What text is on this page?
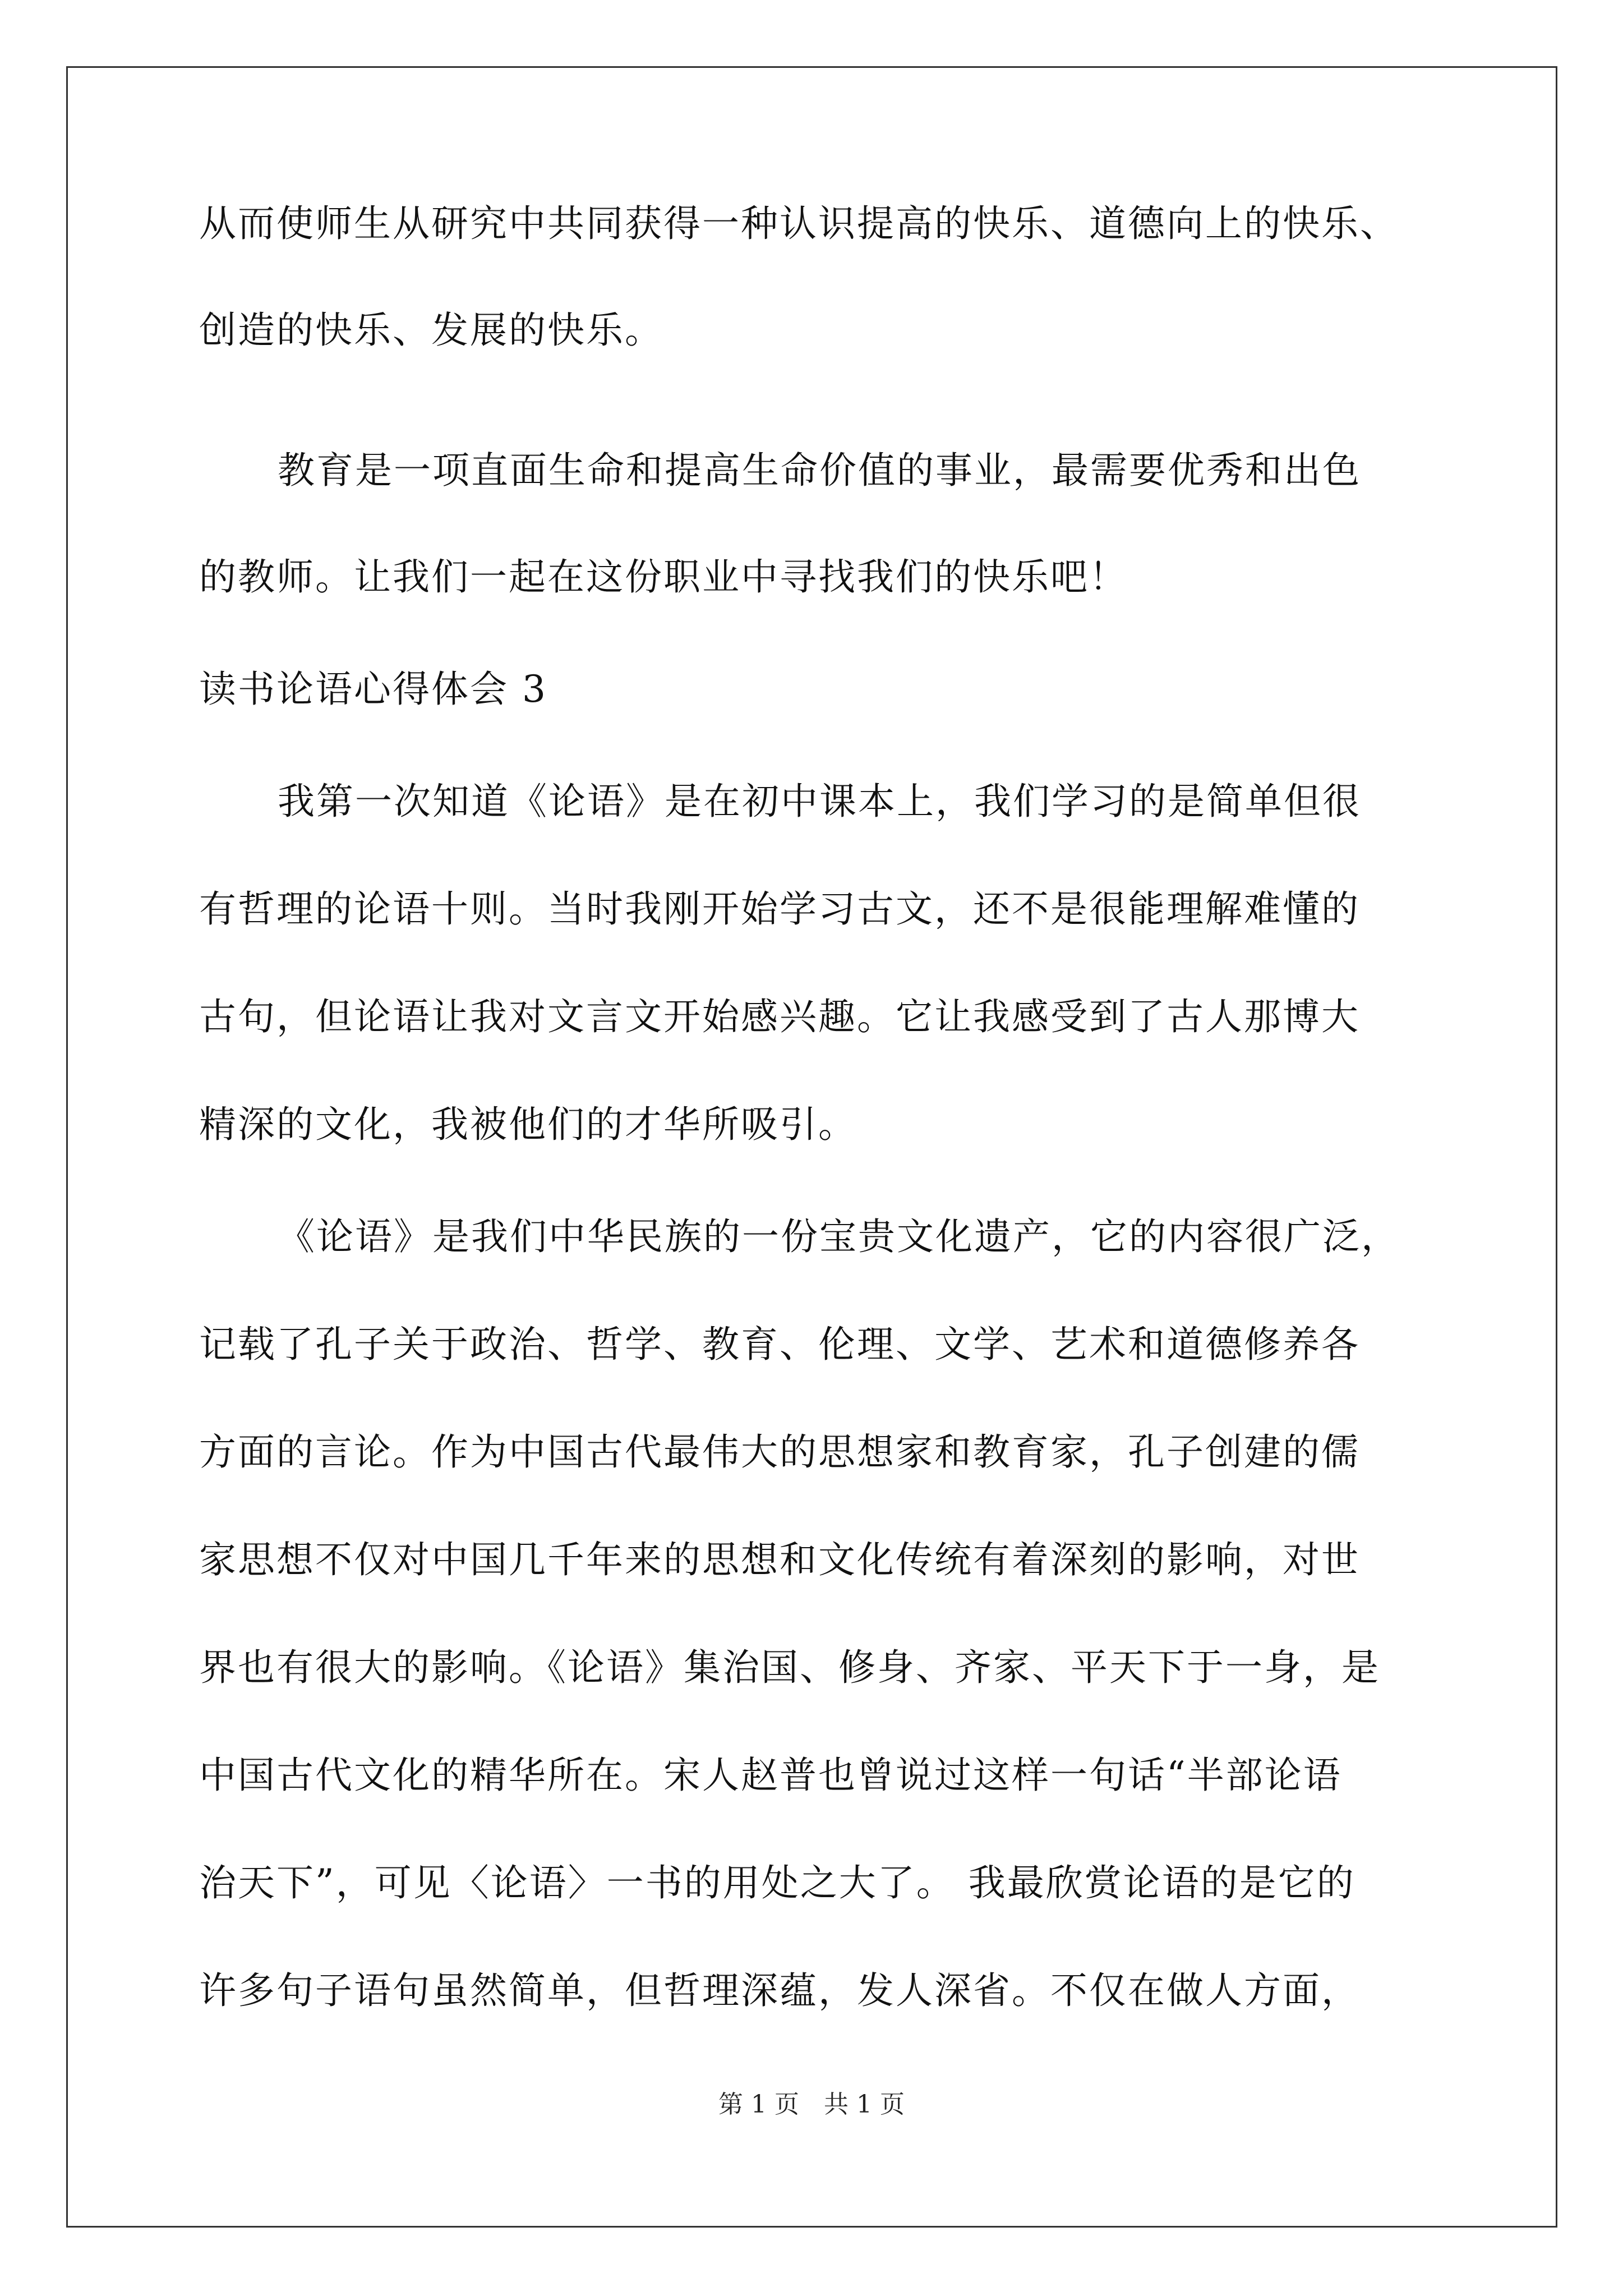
从而使师生从研究中共同获得一种认识提高的快乐、道德向上的快乐、
创造的快乐、发展的快乐。
教育是一项直面生命和提高生命价值的事业，最需要优秀和出色
的教师。让我们一起在这份职业中寻找我们的快乐吧！
读书论语心得体会 3
我第一次知道《论语》是在初中课本上，我们学习的是简单但很
有哲理的论语十则。当时我刚开始学习古文，还不是很能理解难懂的
古句，但论语让我对文言文开始感兴趣。它让我感受到了古人那博大
精深的文化，我被他们的才华所吸引。
《论语》是我们中华民族的一份宝贵文化遗产，它的内容很广泛，
记载了孔子关于政治、哲学、教育、伦理、文学、艺术和道德修养各
方面的言论。作为中国古代最伟大的思想家和教育家，孔子创建的儒
家思想不仅对中国几千年来的思想和文化传统有着深刻的影响，对世
界也有很大的影响。《论语》集治国、修身、齐家、平天下于一身，是
中国古代文化的精华所在。宋人赵普也曾说过这样一句话“半部论语
治天下”，可见〈论语〉一书的用处之大了。 我最欣赏论语的是它的
许多句子语句虽然简单，但哲理深蕴，发人深省。不仅在做人方面，
第 1 页　共 1 页
